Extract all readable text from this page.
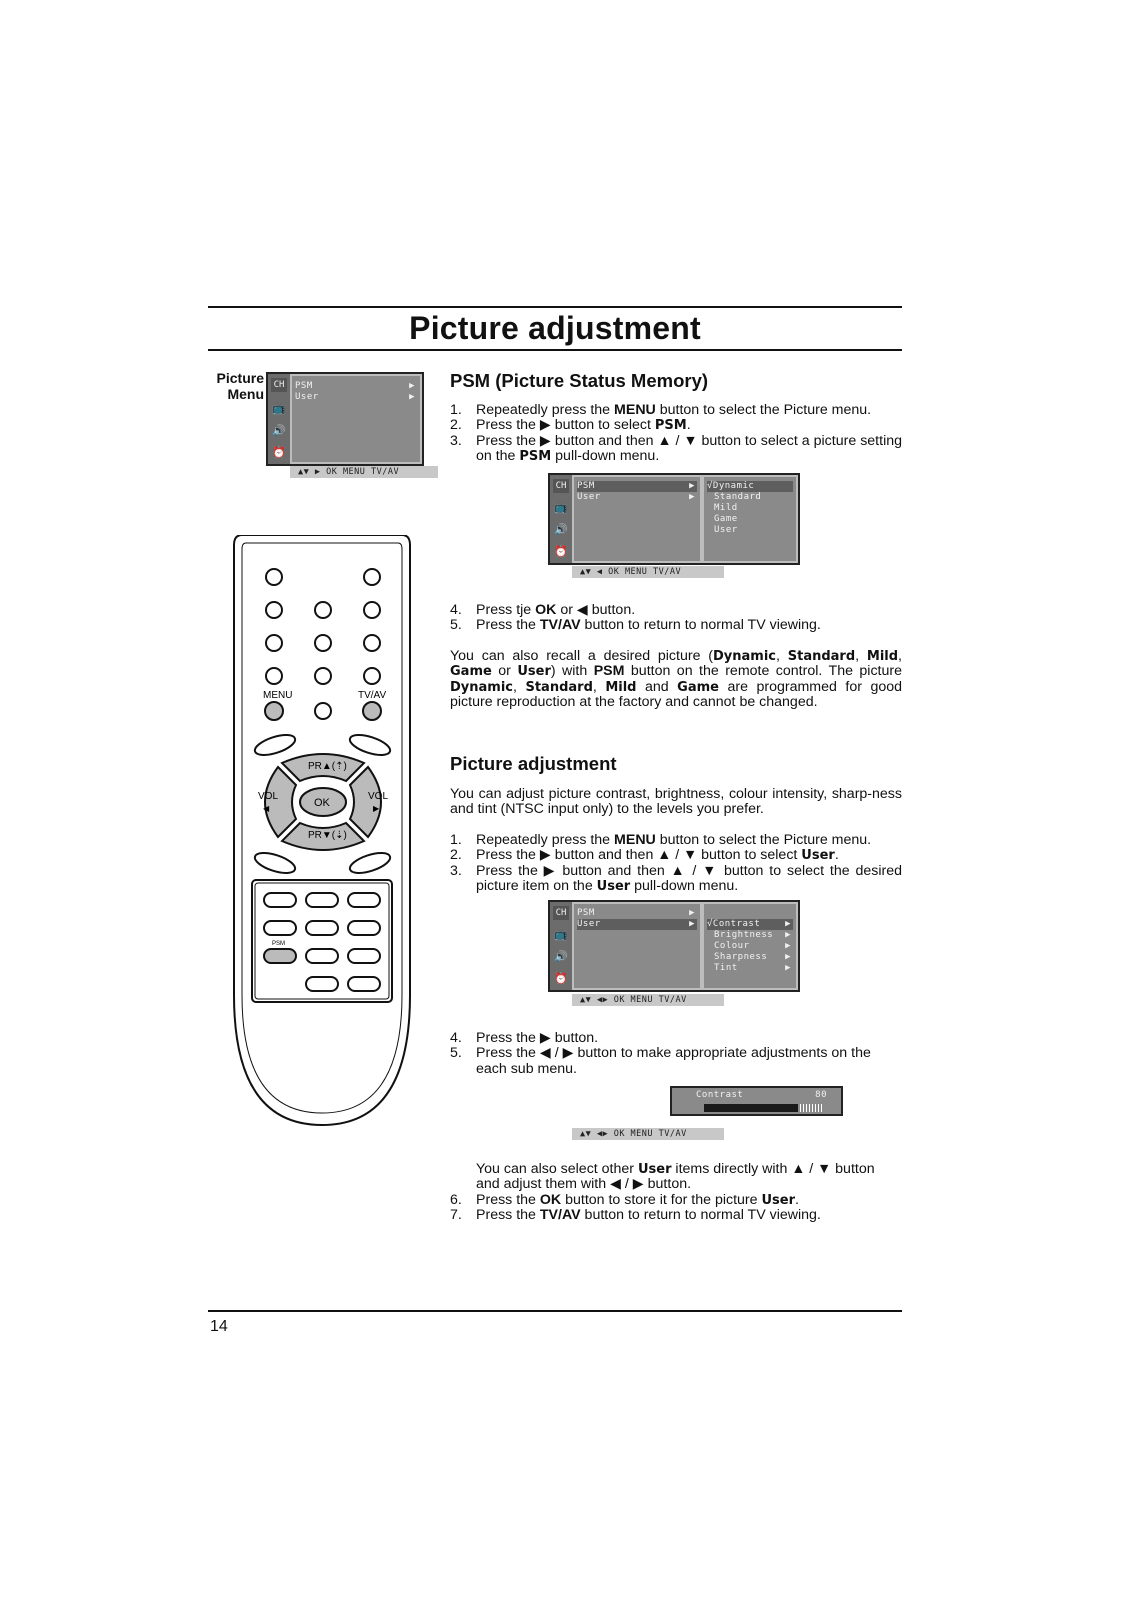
Picture adjustment
Picture Menu
CH
📺
🔊
⏰
PSM	▶
User	▶
▲▼ ▶ OK MENU TV/AV
MENU	TV/AV
PR▲(⇡)
PR▼(⇣)
OK
VOL
◀
VOL
▶
PSM
PSM (Picture Status Memory)
1. Repeatedly press the MENU button to select the Picture menu.
2. Press the ▶ button to select PSM.
3. Press the ▶ button and then ▲ / ▼ button to select a picture setting on the PSM pull-down menu.
CH
📺
🔊
⏰
PSM	▶
User	▶
√Dynamic
Standard
Mild
Game
User
▲▼ ◀ OK MENU TV/AV
4. Press tje OK or ◀ button.
5. Press the TV/AV button to return to normal TV viewing.
You can also recall a desired picture (Dynamic, Standard, Mild, Game or User) with PSM button on the remote control. The picture Dynamic, Standard, Mild and Game are programmed for good picture reproduction at the factory and cannot be changed.
Picture adjustment
You can adjust picture contrast, brightness, colour intensity, sharp-ness and tint (NTSC input only) to the levels you prefer.
1. Repeatedly press the MENU button to select the Picture menu.
2. Press the ▶ button and then ▲ / ▼ button to select User.
3. Press the ▶ button and then ▲ / ▼ button to select the desired picture item on the User pull-down menu.
CH
📺
🔊
⏰
PSM	▶
User	▶ √Contrast	▶
Brightness ▶
Colour	▶
Sharpness ▶
Tint	▶
▲▼ ◀▶ OK MENU TV/AV
4. Press the ▶ button.
5. Press the ◀ / ▶ button to make appropriate adjustments on the each sub menu.
Contrast	80
▲▼ ◀▶ OK MENU TV/AV
You can also select other User items directly with ▲ / ▼ button and adjust them with ◀ / ▶ button.
6. Press the OK button to store it for the picture User.
7. Press the TV/AV button to return to normal TV viewing.
14
